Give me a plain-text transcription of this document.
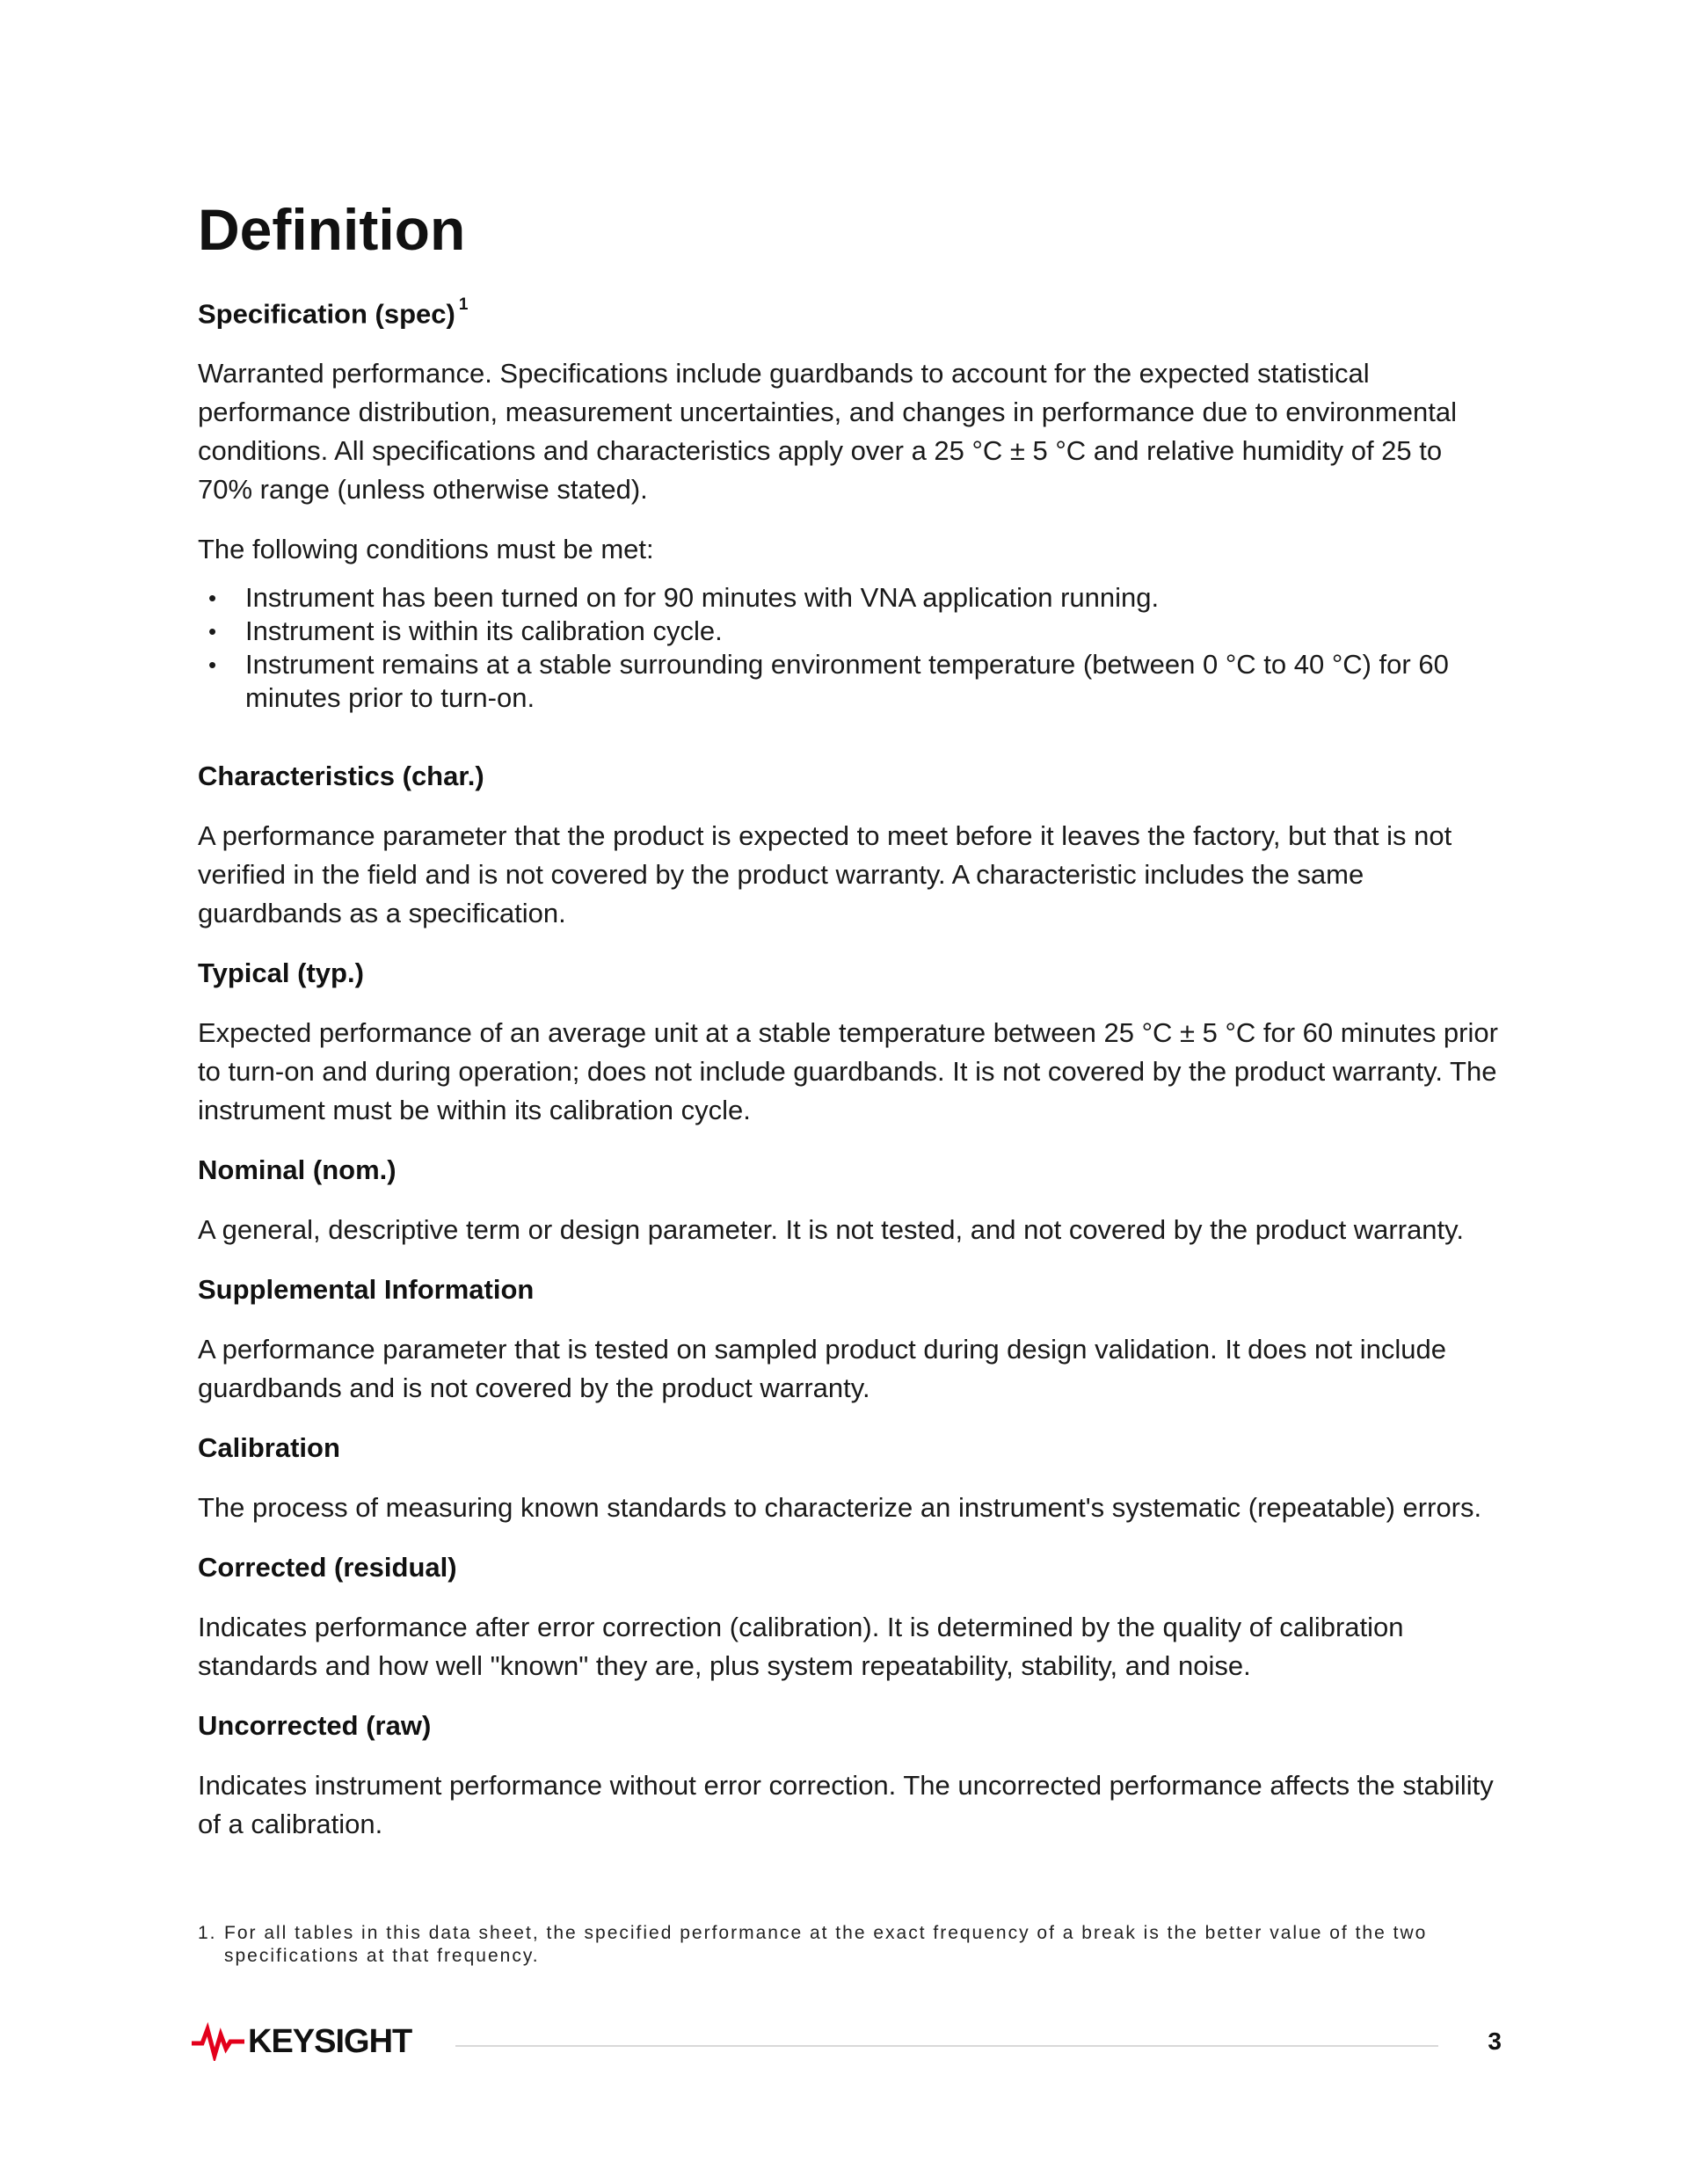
Definition
Specification (spec) $^1$

Warranted performance. Specifications include guardbands to account for the expected statistical performance distribution, measurement uncertainties, and changes in performance due to environmental conditions. All specifications and characteristics apply over a 25 °C ± 5 °C and relative humidity of 25 to 70% range (unless otherwise stated).

The following conditions must be met:

• Instrument has been turned on for 90 minutes with VNA application running.
• Instrument is within its calibration cycle.
• Instrument remains at a stable surrounding environment temperature (between 0 °C to 40 °C) for 60 minutes prior to turn-on.
Characteristics (char.)

A performance parameter that the product is expected to meet before it leaves the factory, but that is not verified in the field and is not covered by the product warranty. A characteristic includes the same guardbands as a specification.

Typical (typ.)

Expected performance of an average unit at a stable temperature between 25 °C ± 5 °C for 60 minutes prior to turn-on and during operation; does not include guardbands. It is not covered by the product warranty. The instrument must be within its calibration cycle.

Nominal (nom.)

A general, descriptive term or design parameter. It is not tested, and not covered by the product warranty.

Supplemental Information

A performance parameter that is tested on sampled product during design validation. It does not include guardbands and is not covered by the product warranty.

Calibration

The process of measuring known standards to characterize an instrument's systematic (repeatable) errors.

Corrected (residual)

Indicates performance after error correction (calibration). It is determined by the quality of calibration standards and how well "known" they are, plus system repeatability, stability, and noise.

Uncorrected (raw)

Indicates instrument performance without error correction. The uncorrected performance affects the stability of a calibration.

1. For all tables in this data sheet, the specified performance at the exact frequency of a break is the better value of the two specifications at that frequency.
KEYSIGHT	3
